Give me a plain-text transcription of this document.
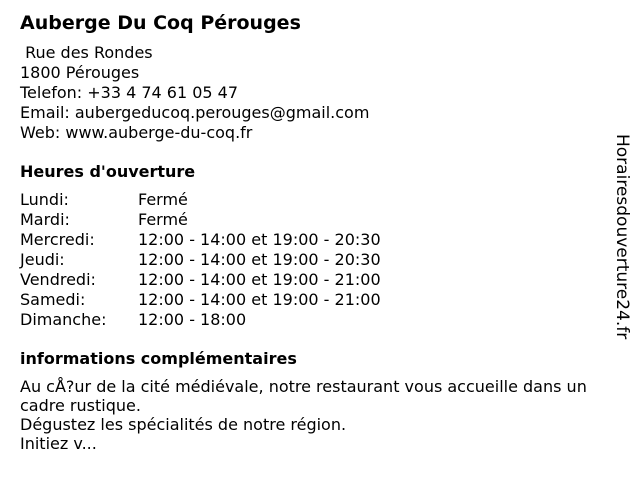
Auberge Du Coq Pérouges
Rue des Rondes
1800 Pérouges
Telefon: +33 4 74 61 05 47
Email: aubergeducoq.perouges@gmail.com
Web: www.auberge-du-coq.fr
Heures d'ouverture
Lundi:	Fermé
Mardi:	Fermé
Mercredi:	12:00 - 14:00 et 19:00 - 20:30
Jeudi:	12:00 - 14:00 et 19:00 - 20:30
Vendredi:	12:00 - 14:00 et 19:00 - 21:00
Samedi:	12:00 - 14:00 et 19:00 - 21:00
Dimanche:	12:00 - 18:00
informations complémentaires

Au cÅ?ur de la cité médiévale, notre restaurant vous accueille dans un cadre rustique.

Dégustez les spécialités de notre région.

Initiez v...

Horairesdouverture24.fr
